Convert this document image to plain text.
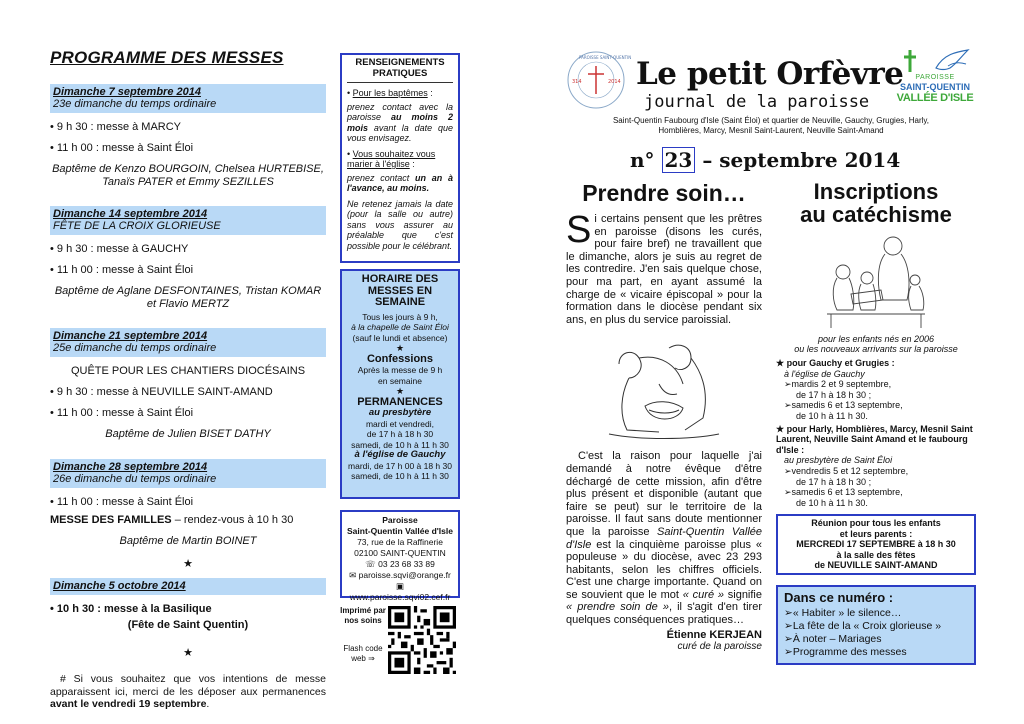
PROGRAMME DES MESSES
Dimanche 7 septembre 2014
23e dimanche du temps ordinaire
• 9 h 30 : messe à MARCY
• 11 h 00 : messe à Saint Éloi
Baptême de Kenzo BOURGOIN, Chelsea HURTEBISE, Tanaïs PATER et Emmy SEZILLES
Dimanche 14 septembre 2014
FÊTE DE LA CROIX GLORIEUSE
• 9 h 30 : messe à GAUCHY
• 11 h 00 : messe à Saint Éloi
Baptême de Aglane DESFONTAINES, Tristan KOMAR et Flavio MERTZ
Dimanche 21 septembre 2014
25e dimanche du temps ordinaire
QUÊTE POUR LES CHANTIERS DIOCÉSAINS
• 9 h 30 : messe à NEUVILLE SAINT-AMAND
• 11 h 00 : messe à Saint Éloi
Baptême de Julien BISET DATHY
Dimanche 28 septembre 2014
26e dimanche du temps ordinaire
• 11 h 00 : messe à Saint Éloi
MESSE DES FAMILLES – rendez-vous à 10 h 30
Baptême de Martin BOINET
★
Dimanche 5 octobre 2014
• 10 h 30 : messe à la Basilique
(Fête de Saint Quentin)
★
# Si vous souhaitez que vos intentions de messe apparaissent ici, merci de les déposer aux permanences avant le vendredi 19 septembre.
RENSEIGNEMENTS PRATIQUES
• Pour les baptêmes :
prenez contact avec la paroisse au moins 2 mois avant la date que vous envisagez.
• Vous souhaitez vous marier à l'église :
prenez contact un an à l'avance, au moins.
Ne retenez jamais la date (pour la salle ou autre) sans vous assurer au préalable que c'est possible pour le célébrant.
HORAIRE DES MESSES EN SEMAINE
Tous les jours à 9 h,
à la chapelle de Saint Éloi
(sauf le lundi et absence)
★
Confessions
Après la messe de 9 h
en semaine
★
PERMANENCES
au presbytère
mardi et vendredi,
de 17 h à 18 h 30
samedi, de 10 h à 11 h 30
à l'église de Gauchy
mardi, de 17 h 00 à 18 h 30
samedi, de 10 h à 11 h 30
Paroisse
Saint-Quentin Vallée d'Isle
73, rue de la Raffinerie
02100 SAINT-QUENTIN
☏ 03 23 68 33 89
✉ paroisse.sqvi@orange.fr
▣ www.paroisse.sqvi02.cef.fr
Imprimé par nos soins
Flash code web ⇒
314	2014
PAROISSE SAINT-QUENTIN Le petit Orfèvre
journal de la paroisse
PAROISSE
SAINT-QUENTIN
VALLÉE D'ISLE
Saint-Quentin Faubourg d'Isle (Saint Éloi) et quartier de Neuville, Gauchy, Grugies, Harly,
Homblières, Marcy, Mesnil Saint-Laurent, Neuville Saint-Amand
n° 23 – septembre 2014
Prendre soin…
Si certains pensent que les prêtres en paroisse (disons les curés, pour faire bref) ne travaillent que le dimanche, alors je suis au regret de les contredire. J'en sais quelque chose, pour ma part, en ayant assumé la charge de « vicaire épiscopal » pour la formation dans le diocèse pendant six ans, en plus du service paroissial.
C'est la raison pour laquelle j'ai demandé à notre évêque d'être déchargé de cette mission, afin d'être plus présent et disponible (autant que faire se peut) sur le territoire de la paroisse. Il faut sans doute mentionner que la paroisse Saint-Quentin Vallée d'Isle est la cinquième paroisse plus « populeuse » du diocèse, avec 23 293 habitants, selon les chiffres officiels. C'est une charge importante. Quand on se souvient que le mot « curé » signifie « prendre soin de », il s'agit d'en tirer quelques conséquences pratiques…
Étienne KERJEAN
curé de la paroisse
Inscriptions
au catéchisme
pour les enfants nés en 2006
ou les nouveaux arrivants sur la paroisse
★ pour Gauchy et Grugies :
à l'église de Gauchy
➢ mardis 2 et 9 septembre,
de 17 h à 18 h 30 ;
➢ samedis 6 et 13 septembre,
de 10 h à 11 h 30.
★ pour Harly, Homblières, Marcy, Mesnil Saint Laurent, Neuville Saint Amand et le faubourg d'Isle :
au presbytère de Saint Éloi
➢ vendredis 5 et 12 septembre,
de 17 h à 18 h 30 ;
➢ samedis 6 et 13 septembre,
de 10 h à 11 h 30.
Réunion pour tous les enfants
et leurs parents :
MERCREDI 17 SEPTEMBRE à 18 h 30
à la salle des fêtes
de NEUVILLE SAINT-AMAND
Dans ce numéro :
➢ « Habiter » le silence…
➢ La fête de la « Croix glorieuse »
➢ À noter – Mariages
➢ Programme des messes
